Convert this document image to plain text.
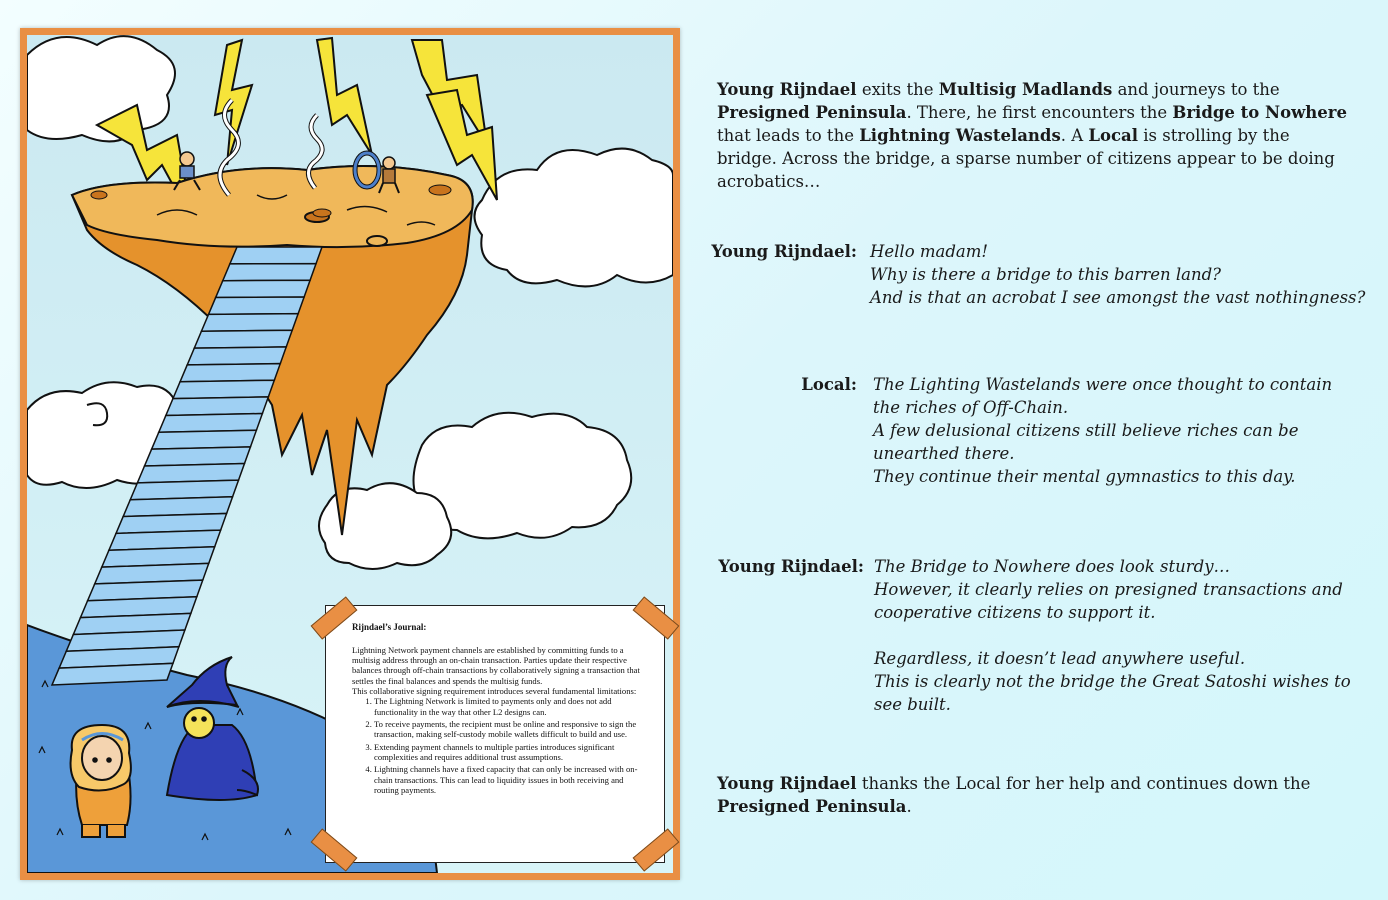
Rijndael’s Journal:
Lightning Network payment channels are established by committing funds to a multisig address through an on-chain transaction. Parties update their respective balances through off-chain transactions by collaboratively signing a transaction that settles the final balances and spends the multisig funds.
This collaborative signing requirement introduces several fundamental limitations:
1. The Lightning Network is limited to payments only and does not add functionality in the way that other L2 designs can.
2. To receive payments, the recipient must be online and responsive to sign the transaction, making self-custody mobile wallets difficult to build and use.
3. Extending payment channels to multiple parties introduces significant complexities and requires additional trust assumptions.
4. Lightning channels have a fixed capacity that can only be increased with on-chain transactions. This can lead to liquidity issues in both receiving and routing payments.
Young Rijndael exits the Multisig Madlands and journeys to the Presigned Peninsula. There, he first encounters the Bridge to Nowhere that leads to the Lightning Wastelands. A Local is strolling by the bridge. Across the bridge, a sparse number of citizens appear to be doing acrobatics…
Young Rijndael: Hello madam!
Why is there a bridge to this barren land?
And is that an acrobat I see amongst the vast nothingness?
Local: The Lighting Wastelands were once thought to contain the riches of Off-Chain.
A few delusional citizens still believe riches can be unearthed there.
They continue their mental gymnastics to this day.
Young Rijndael: The Bridge to Nowhere does look sturdy…
However, it clearly relies on presigned transactions and cooperative citizens to support it.
Regardless, it doesn’t lead anywhere useful.
This is clearly not the bridge the Great Satoshi wishes to see built.
Young Rijndael thanks the Local for her help and continues down the Presigned Peninsula.
